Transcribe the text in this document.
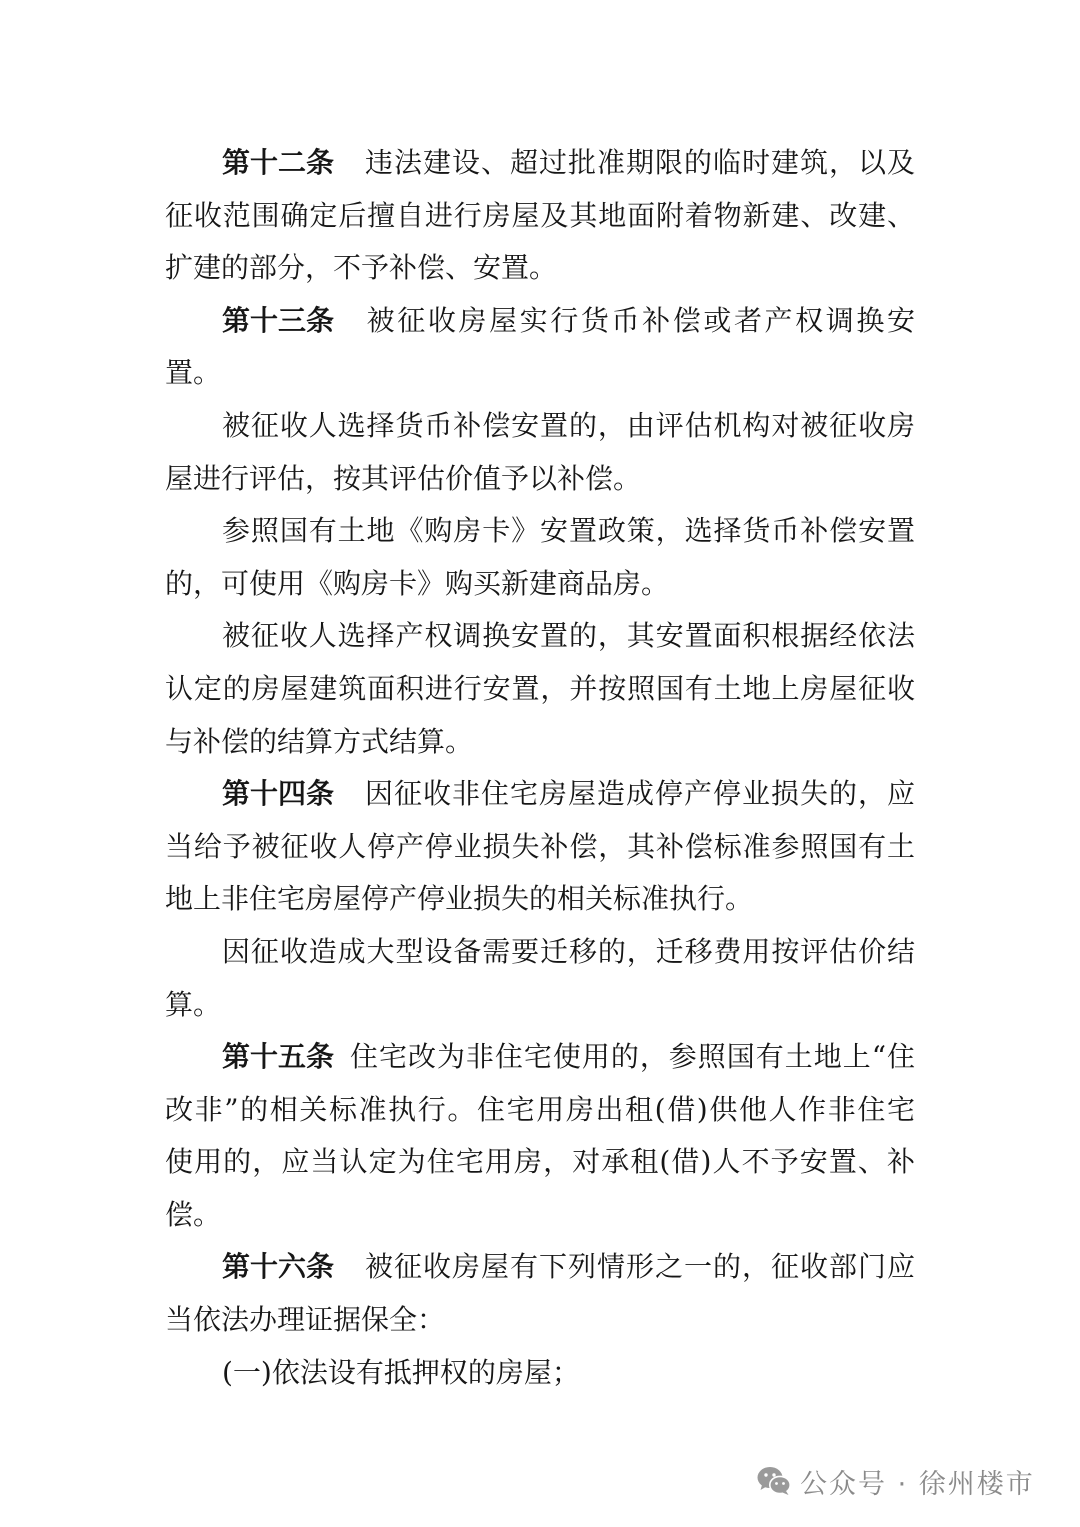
第十二条 违法建设、超过批准期限的临时建筑，以及
征收范围确定后擅自进行房屋及其地面附着物新建、改建、
扩建的部分，不予补偿、安置。
第十三条 被征收房屋实行货币补偿或者产权调换安
置。
被征收人选择货币补偿安置的，由评估机构对被征收房
屋进行评估，按其评估价值予以补偿。
参照国有土地《购房卡》安置政策，选择货币补偿安置
的，可使用《购房卡》购买新建商品房。
被征收人选择产权调换安置的，其安置面积根据经依法
认定的房屋建筑面积进行安置，并按照国有土地上房屋征收
与补偿的结算方式结算。
第十四条 因征收非住宅房屋造成停产停业损失的，应
当给予被征收人停产停业损失补偿，其补偿标准参照国有土
地上非住宅房屋停产停业损失的相关标准执行。
因征收造成大型设备需要迁移的，迁移费用按评估价结
算。
第十五条 住宅改为非住宅使用的，参照国有土地上“住
改非”的相关标准执行。住宅用房出租(借)供他人作非住宅
使用的，应当认定为住宅用房，对承租(借)人不予安置、补
偿。
第十六条 被征收房屋有下列情形之一的，征收部门应
当依法办理证据保全：
(一)依法设有抵押权的房屋；
公众号 · 徐州楼市
